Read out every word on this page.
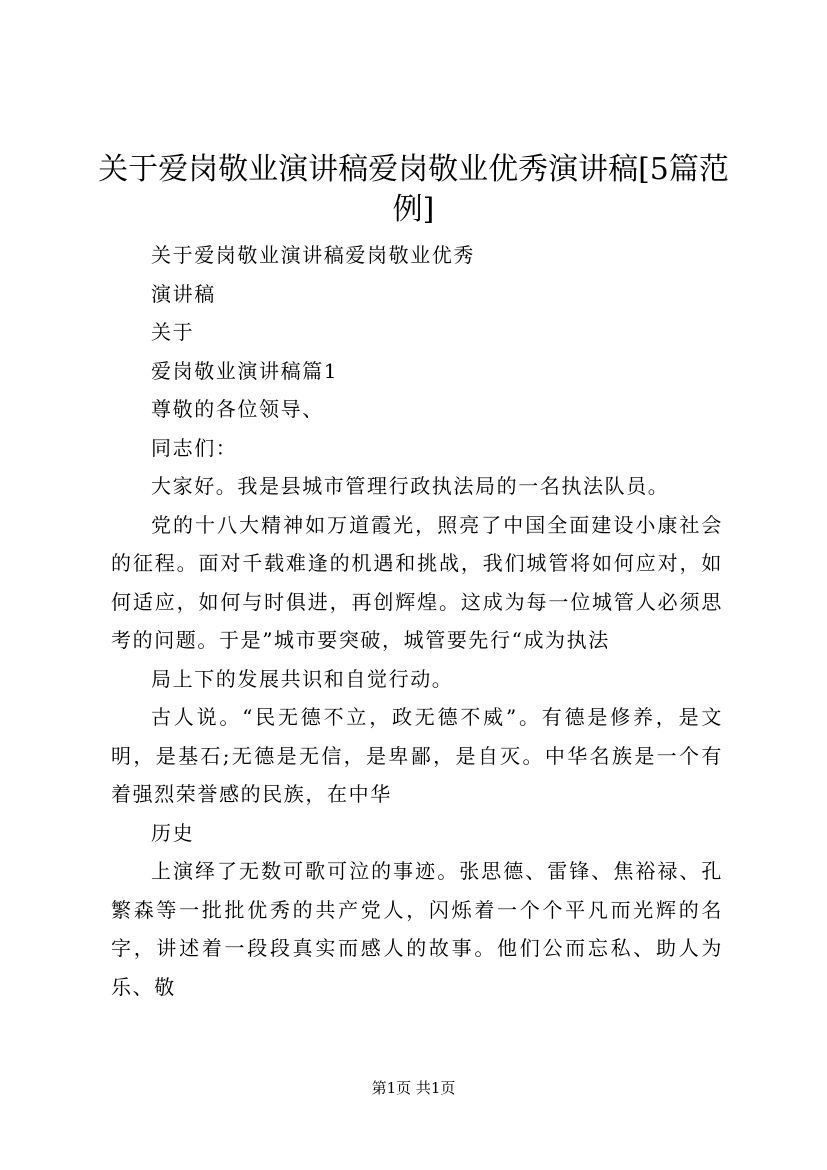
关于爱岗敬业演讲稿爱岗敬业优秀演讲稿[5篇范例]

关于爱岗敬业演讲稿爱岗敬业优秀

演讲稿

关于

爱岗敬业演讲稿篇1

尊敬的各位领导、

同志们：

大家好。我是县城市管理行政执法局的一名执法队员。

党的十八大精神如万道霞光，照亮了中国全面建设小康社会的征程。面对千载难逢的机遇和挑战，我们城管将如何应对，如何适应，如何与时俱进，再创辉煌。这成为每一位城管人必须思考的问题。于是”城市要突破，城管要先行“成为执法

局上下的发展共识和自觉行动。

古人说。“民无德不立，政无德不威”。有德是修养，是文明，是基石;无德是无信，是卑鄙，是自灭。中华名族是一个有着强烈荣誉感的民族，在中华

历史

上演绎了无数可歌可泣的事迹。张思德、雷锋、焦裕禄、孔繁森等一批批优秀的共产党人，闪烁着一个个平凡而光辉的名字，讲述着一段段真实而感人的故事。他们公而忘私、助人为乐、敬

第1页 共1页
